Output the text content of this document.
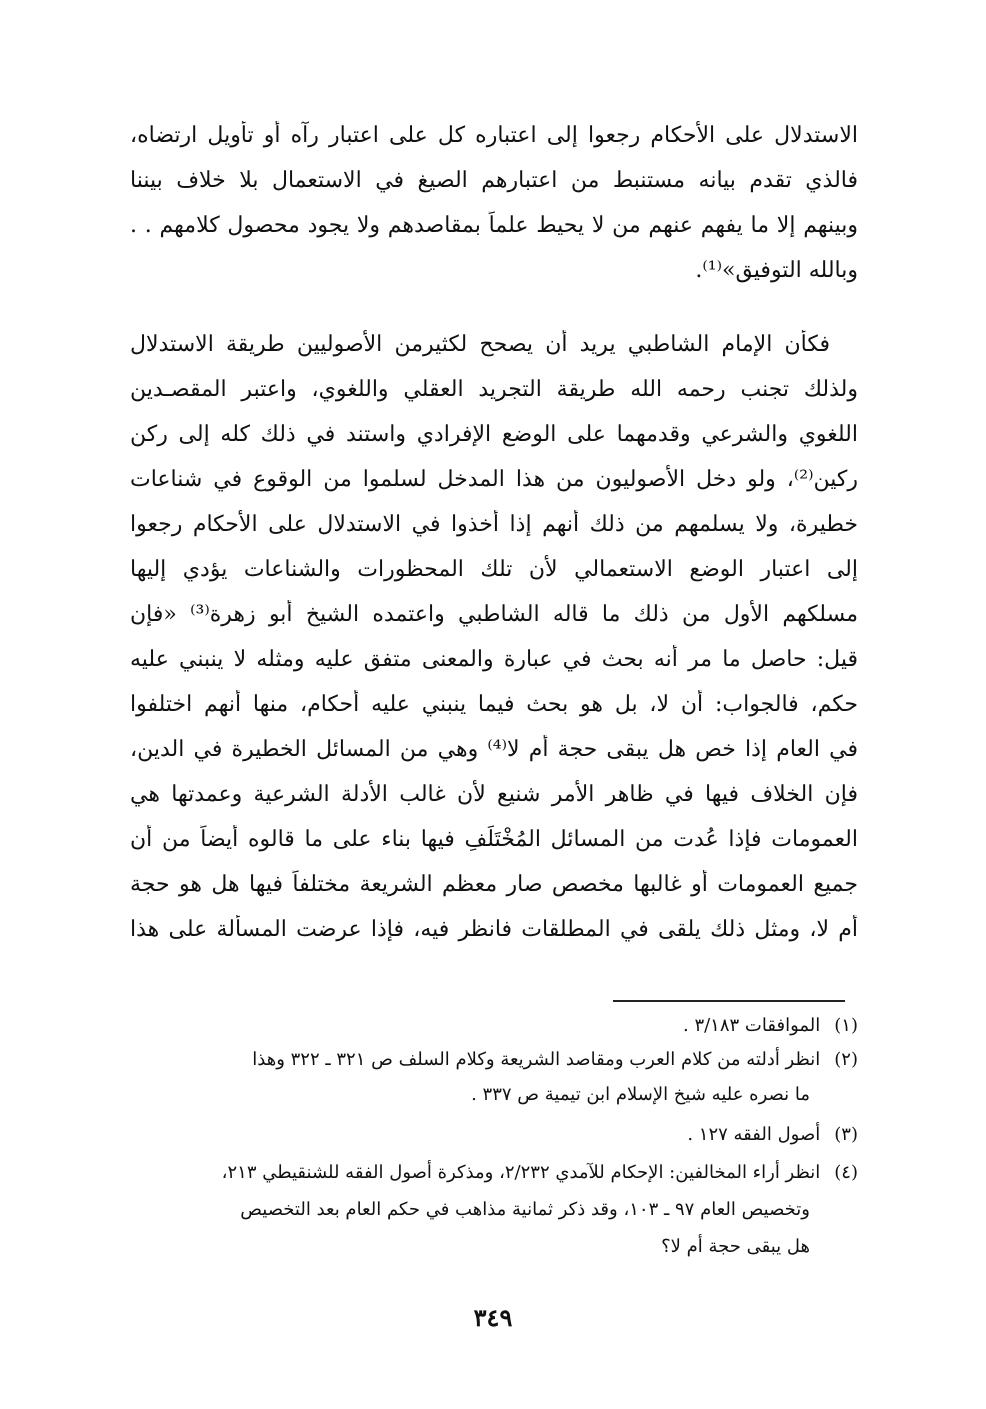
الاستدلال على الأحكام رجعوا إلى اعتباره كل على اعتبار رآه أو تأويل ارتضاه،
فالذي تقدم بيانه مستنبط من اعتبارهم الصيغ في الاستعمال بلا خلاف بيننا
وبينهم إلا ما يفهم عنهم من لا يحيط علماً بمقاصدهم ولا يجود محصول كلامهم . .
وبالله التوفيق»⁽¹⁾.
فكأن الإمام الشاطبي يريد أن يصحح لكثيرمن الأصوليين طريقة الاستدلال
ولذلك تجنب رحمه الله طريقة التجريد العقلي واللغوي، واعتبر المقصـدين
اللغوي والشرعي وقدمهما على الوضع الإفرادي واستند في ذلك كله إلى ركن
ركين⁽²⁾، ولو دخل الأصوليون من هذا المدخل لسلموا من الوقوع في شناعات
خطيرة، ولا يسلمهم من ذلك أنهم إذا أخذوا في الاستدلال على الأحكام رجعوا
إلى اعتبار الوضع الاستعمالي لأن تلك المحظورات والشناعات يؤدي إليها
مسلكهم الأول من ذلك ما قاله الشاطبي واعتمده الشيخ أبو زهرة⁽³⁾ «فإن
قيل: حاصل ما مر أنه بحث في عبارة والمعنى متفق عليه ومثله لا ينبني عليه
حكم، فالجواب: أن لا، بل هو بحث فيما ينبني عليه أحكام، منها أنهم اختلفوا
في العام إذا خص هل يبقى حجة أم لا⁽⁴⁾ وهي من المسائل الخطيرة في الدين،
فإن الخلاف فيها في ظاهر الأمر شنيع لأن غالب الأدلة الشرعية وعمدتها هي
العمومات فإذا عُدت من المسائل المُخْتَلَفِ فيها بناء على ما قالوه أيضاً من أن
جميع العمومات أو غالبها مخصص صار معظم الشريعة مختلفاً فيها هل هو حجة
أم لا، ومثل ذلك يلقى في المطلقات فانظر فيه، فإذا عرضت المسألة على هذا
(١)الموافقات ٣/١٨٣ .
(٢)انظر أدلته من كلام العرب ومقاصد الشريعة وكلام السلف ص ٣٢١ ـ ٣٢٢ وهذا
ما نصره عليه شيخ الإسلام ابن تيمية ص ٣٣٧ .
(٣)أصول الفقه ١٢٧ .
(٤)انظر أراء المخالفين: الإحكام للآمدي ٢/٢٣٢، ومذكرة أصول الفقه للشنقيطي ٢١٣،
وتخصيص العام ٩٧ ـ ١٠٣، وقد ذكر ثمانية مذاهب في حكم العام بعد التخصيص
هل يبقى حجة أم لا؟
٣٤٩
